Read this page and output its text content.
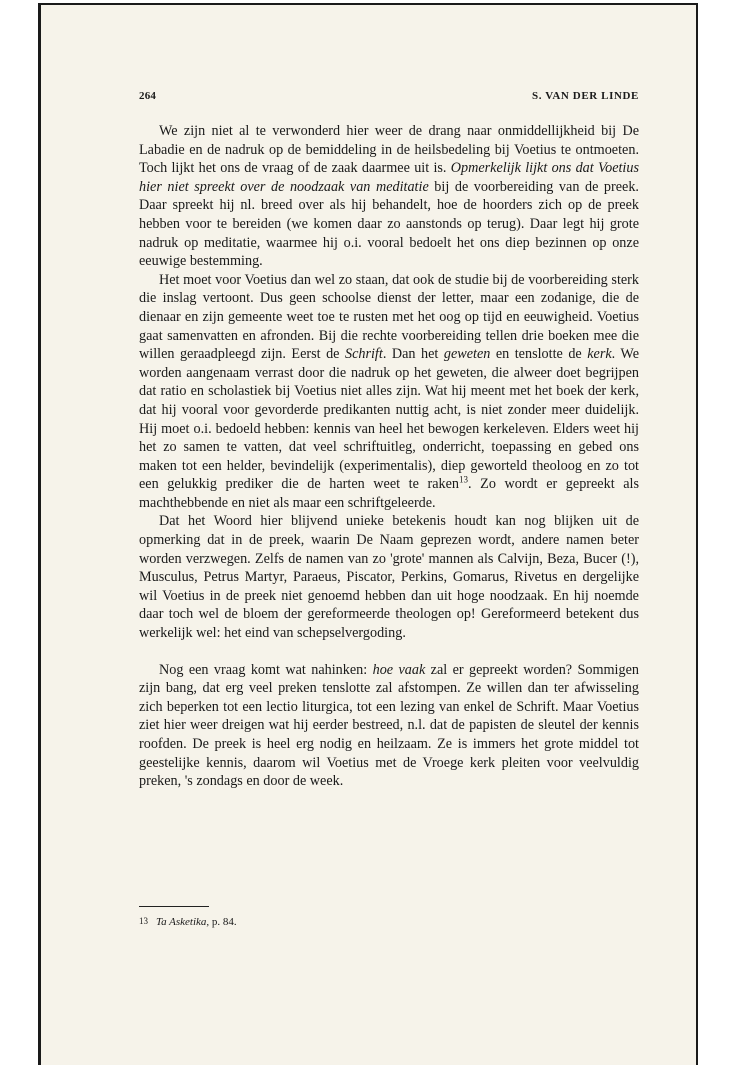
264	S. VAN DER LINDE

We zijn niet al te verwonderd hier weer de drang naar onmiddellijkheid bij De Labadie en de nadruk op de bemiddeling in de heilsbedeling bij Voetius te ontmoeten. Toch lijkt het ons de vraag of de zaak daarmee uit is. Opmerkelijk lijkt ons dat Voetius hier niet spreekt over de noodzaak van meditatie bij de voorbereiding van de preek. Daar spreekt hij nl. breed over als hij behandelt, hoe de hoorders zich op de preek hebben voor te bereiden (we komen daar zo aanstonds op terug). Daar legt hij grote nadruk op meditatie, waarmee hij o.i. vooral bedoelt het ons diep bezinnen op onze eeuwige bestemming.

Het moet voor Voetius dan wel zo staan, dat ook de studie bij de voorbereiding sterk die inslag vertoont. Dus geen schoolse dienst der letter, maar een zodanige, die de dienaar en zijn gemeente weet toe te rusten met het oog op tijd en eeuwigheid. Voetius gaat samenvatten en afronden. Bij die rechte voorbereiding tellen drie boeken mee die willen geraadpleegd zijn. Eerst de Schrift. Dan het geweten en tenslotte de kerk. We worden aangenaam verrast door die nadruk op het geweten, die alweer doet begrijpen dat ratio en scholastiek bij Voetius niet alles zijn. Wat hij meent met het boek der kerk, dat hij vooral voor gevorderde predikanten nuttig acht, is niet zonder meer duidelijk. Hij moet o.i. bedoeld hebben: kennis van heel het bewogen kerkeleven. Elders weet hij het zo samen te vatten, dat veel schriftuitleg, onderricht, toepassing en gebed ons maken tot een helder, bevindelijk (experimentalis), diep geworteld theoloog en zo tot een gelukkig prediker die de harten weet te raken$^{13}$. Zo wordt er gepreekt als machthebbende en niet als maar een schriftgeleerde.

Dat het Woord hier blijvend unieke betekenis houdt kan nog blijken uit de opmerking dat in de preek, waarin De Naam geprezen wordt, andere namen beter worden verzwegen. Zelfs de namen van zo 'grote' mannen als Calvijn, Beza, Bucer (!), Musculus, Petrus Martyr, Paraeus, Piscator, Perkins, Gomarus, Rivetus en dergelijke wil Voetius in de preek niet genoemd hebben dan uit hoge noodzaak. En hij noemde daar toch wel de bloem der gereformeerde theologen op! Gereformeerd betekent dus werkelijk wel: het eind van schepselvergoding.

Nog een vraag komt wat nahinken: hoe vaak zal er gepreekt worden? Sommigen zijn bang, dat erg veel preken tenslotte zal afstompen. Ze willen dan ter afwisseling zich beperken tot een lectio liturgica, tot een lezing van enkel de Schrift. Maar Voetius ziet hier weer dreigen wat hij eerder bestreed, n.l. dat de papisten de sleutel der kennis roofden. De preek is heel erg nodig en heilzaam. Ze is immers het grote middel tot geestelijke kennis, daarom wil Voetius met de Vroege kerk pleiten voor veelvuldig preken, 's zondags en door de week.

13 Ta Asketika, p. 84.
